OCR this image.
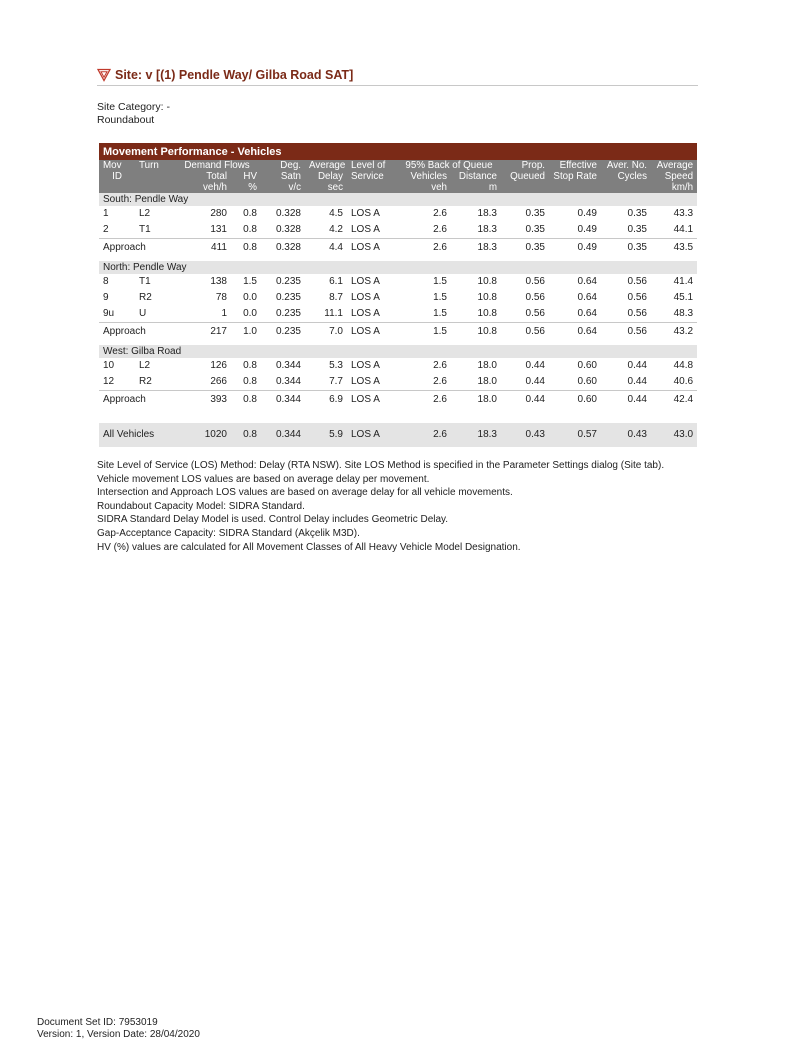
Site: v [(1) Pendle Way/ Gilba Road SAT]
Site Category: -
Roundabout
Movement Performance - Vehicles												
Mov	Turn	Demand Flows		Deg.	Average	Level of	95% Back of Queue		Prop.	Effective	Aver. No.	Average
ID		Total	HV	Satn	Delay	Service	Vehicles	Distance	Queued	Stop Rate	Cycles	Speed
		veh/h	%	v/c	sec		veh	m				km/h
South: Pendle Way												
1	L2	280	0.8	0.328	4.5	LOS A	2.6	18.3	0.35	0.49	0.35	43.3
2	T1	131	0.8	0.328	4.2	LOS A	2.6	18.3	0.35	0.49	0.35	44.1
Approach		411	0.8	0.328	4.4	LOS A	2.6	18.3	0.35	0.49	0.35	43.5

North: Pendle Way												
8	T1	138	1.5	0.235	6.1	LOS A	1.5	10.8	0.56	0.64	0.56	41.4
9	R2	78	0.0	0.235	8.7	LOS A	1.5	10.8	0.56	0.64	0.56	45.1
9u	U	1	0.0	0.235	11.1	LOS A	1.5	10.8	0.56	0.64	0.56	48.3
Approach		217	1.0	0.235	7.0	LOS A	1.5	10.8	0.56	0.64	0.56	43.2

West: Gilba Road												
10	L2	126	0.8	0.344	5.3	LOS A	2.6	18.0	0.44	0.60	0.44	44.8
12	R2	266	0.8	0.344	7.7	LOS A	2.6	18.0	0.44	0.60	0.44	40.6
Approach		393	0.8	0.344	6.9	LOS A	2.6	18.0	0.44	0.60	0.44	42.4

All Vehicles		1020	0.8	0.344	5.9	LOS A	2.6	18.3	0.43	0.57	0.43	43.0
Site Level of Service (LOS) Method: Delay (RTA NSW). Site LOS Method is specified in the Parameter Settings dialog (Site tab).
Vehicle movement LOS values are based on average delay per movement.
Intersection and Approach LOS values are based on average delay for all vehicle movements.
Roundabout Capacity Model: SIDRA Standard.
SIDRA Standard Delay Model is used. Control Delay includes Geometric Delay.
Gap-Acceptance Capacity: SIDRA Standard (Akçelik M3D).
HV (%) values are calculated for All Movement Classes of All Heavy Vehicle Model Designation.
Document Set ID: 7953019
Version: 1, Version Date: 28/04/2020
